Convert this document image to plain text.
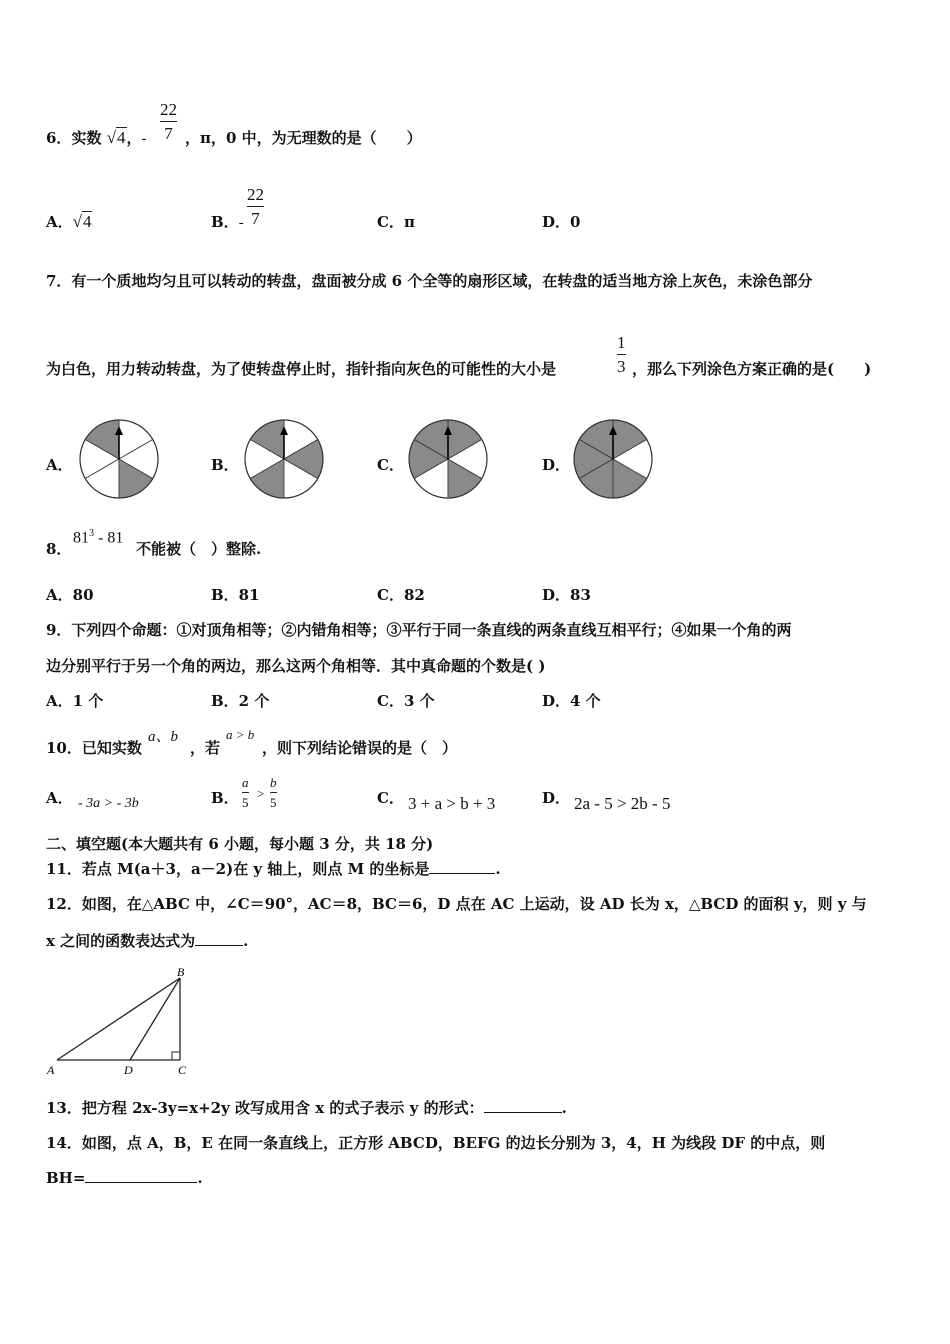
6．实数 √4，-
22
7 ，π，0 中，为无理数的是（　　）
A．√4	B．-
22
7	C．π	D．0
7．有一个质地均匀且可以转动的转盘，盘面被分成 6 个全等的扇形区域，在转盘的适当地方涂上灰色，未涂色部分
为白色，用力转动转盘，为了使转盘停止时，指针指向灰色的可能性的大小是
1
3 ，那么下列涂色方案正确的是(　　)
A．	B．	C．	D．
8．
$81^3 - 81$
不能被（　）整除.
A．80	B．81	C．82	D．83
9．下列四个命题：①对顶角相等；②内错角相等；③平行于同一条直线的两条直线互相平行；④如果一个角的两
边分别平行于另一个角的两边，那么这两个角相等．其中真命题的个数是( )
A．1 个	B．2 个	C．3 个	D．4 个
10．已知实数
a、b
，若
a > b
，则下列结论错误的是（　）
A． - 3a > - 3b	B．
a
5
>
b
5	C． 3 + a > b + 3	D． 2a - 5 > 2b - 5
二、填空题(本大题共有 6 小题，每小题 3 分，共 18 分)
11．若点 M(a＋3，a－2)在 y 轴上，则点 M 的坐标是	.
12．如图，在△ABC 中，∠C＝90°，AC＝8，BC＝6，D 点在 AC 上运动，设 AD 长为 x，△BCD 的面积 y，则 y 与
x 之间的函数表达式为	.
B
A	D	C
13．把方程 2x-3y=x+2y 改写成用含 x 的式子表示 y 的形式：	.
14．如图，点 A，B，E 在同一条直线上，正方形 ABCD，BEFG 的边长分别为 3，4，H 为线段 DF 的中点，则
BH=	.
